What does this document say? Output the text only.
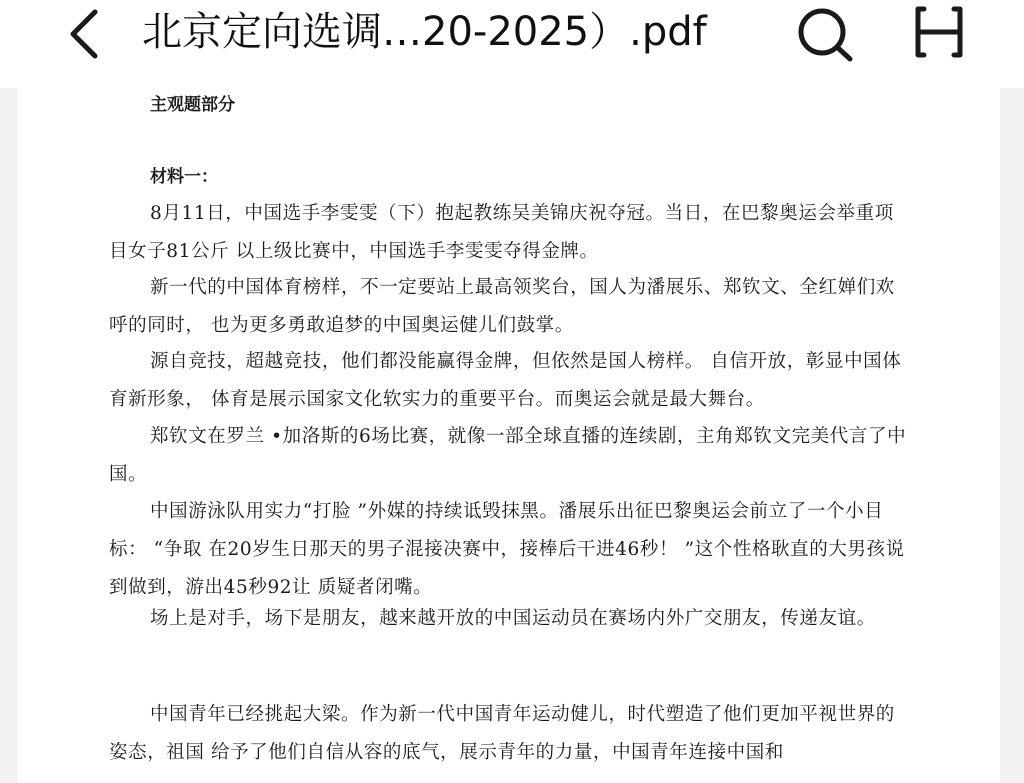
北京定向选调…20-2025）.pdf
主观题部分
材料一：

8月11日，中国选手李雯雯（下）抱起教练吴美锦庆祝夺冠。当日，在巴黎奥运会举重项目女子81公斤 以上级比赛中，中国选手李雯雯夺得金牌。

新一代的中国体育榜样，不一定要站上最高领奖台，国人为潘展乐、郑钦文、全红婵们欢呼的同时， 也为更多勇敢追梦的中国奥运健儿们鼓掌。

源自竞技，超越竞技，他们都没能赢得金牌，但依然是国人榜样。 自信开放，彰显中国体育新形象， 体育是展示国家文化软实力的重要平台。而奥运会就是最大舞台。

郑钦文在罗兰 •加洛斯的6场比赛，就像一部全球直播的连续剧，主角郑钦文完美代言了中国。

中国游泳队用实力“打脸 ”外媒的持续诋毁抹黑。潘展乐出征巴黎奥运会前立了一个小目标： “争取 在20岁生日那天的男子混接决赛中，接棒后干进46秒！ ”这个性格耿直的大男孩说到做到，游出45秒92让 质疑者闭嘴。

场上是对手，场下是朋友，越来越开放的中国运动员在赛场内外广交朋友，传递友谊。

中国青年已经挑起大梁。作为新一代中国青年运动健儿，时代塑造了他们更加平视世界的姿态，祖国 给予了他们自信从容的底气，展示青年的力量，中国青年连接中国和
